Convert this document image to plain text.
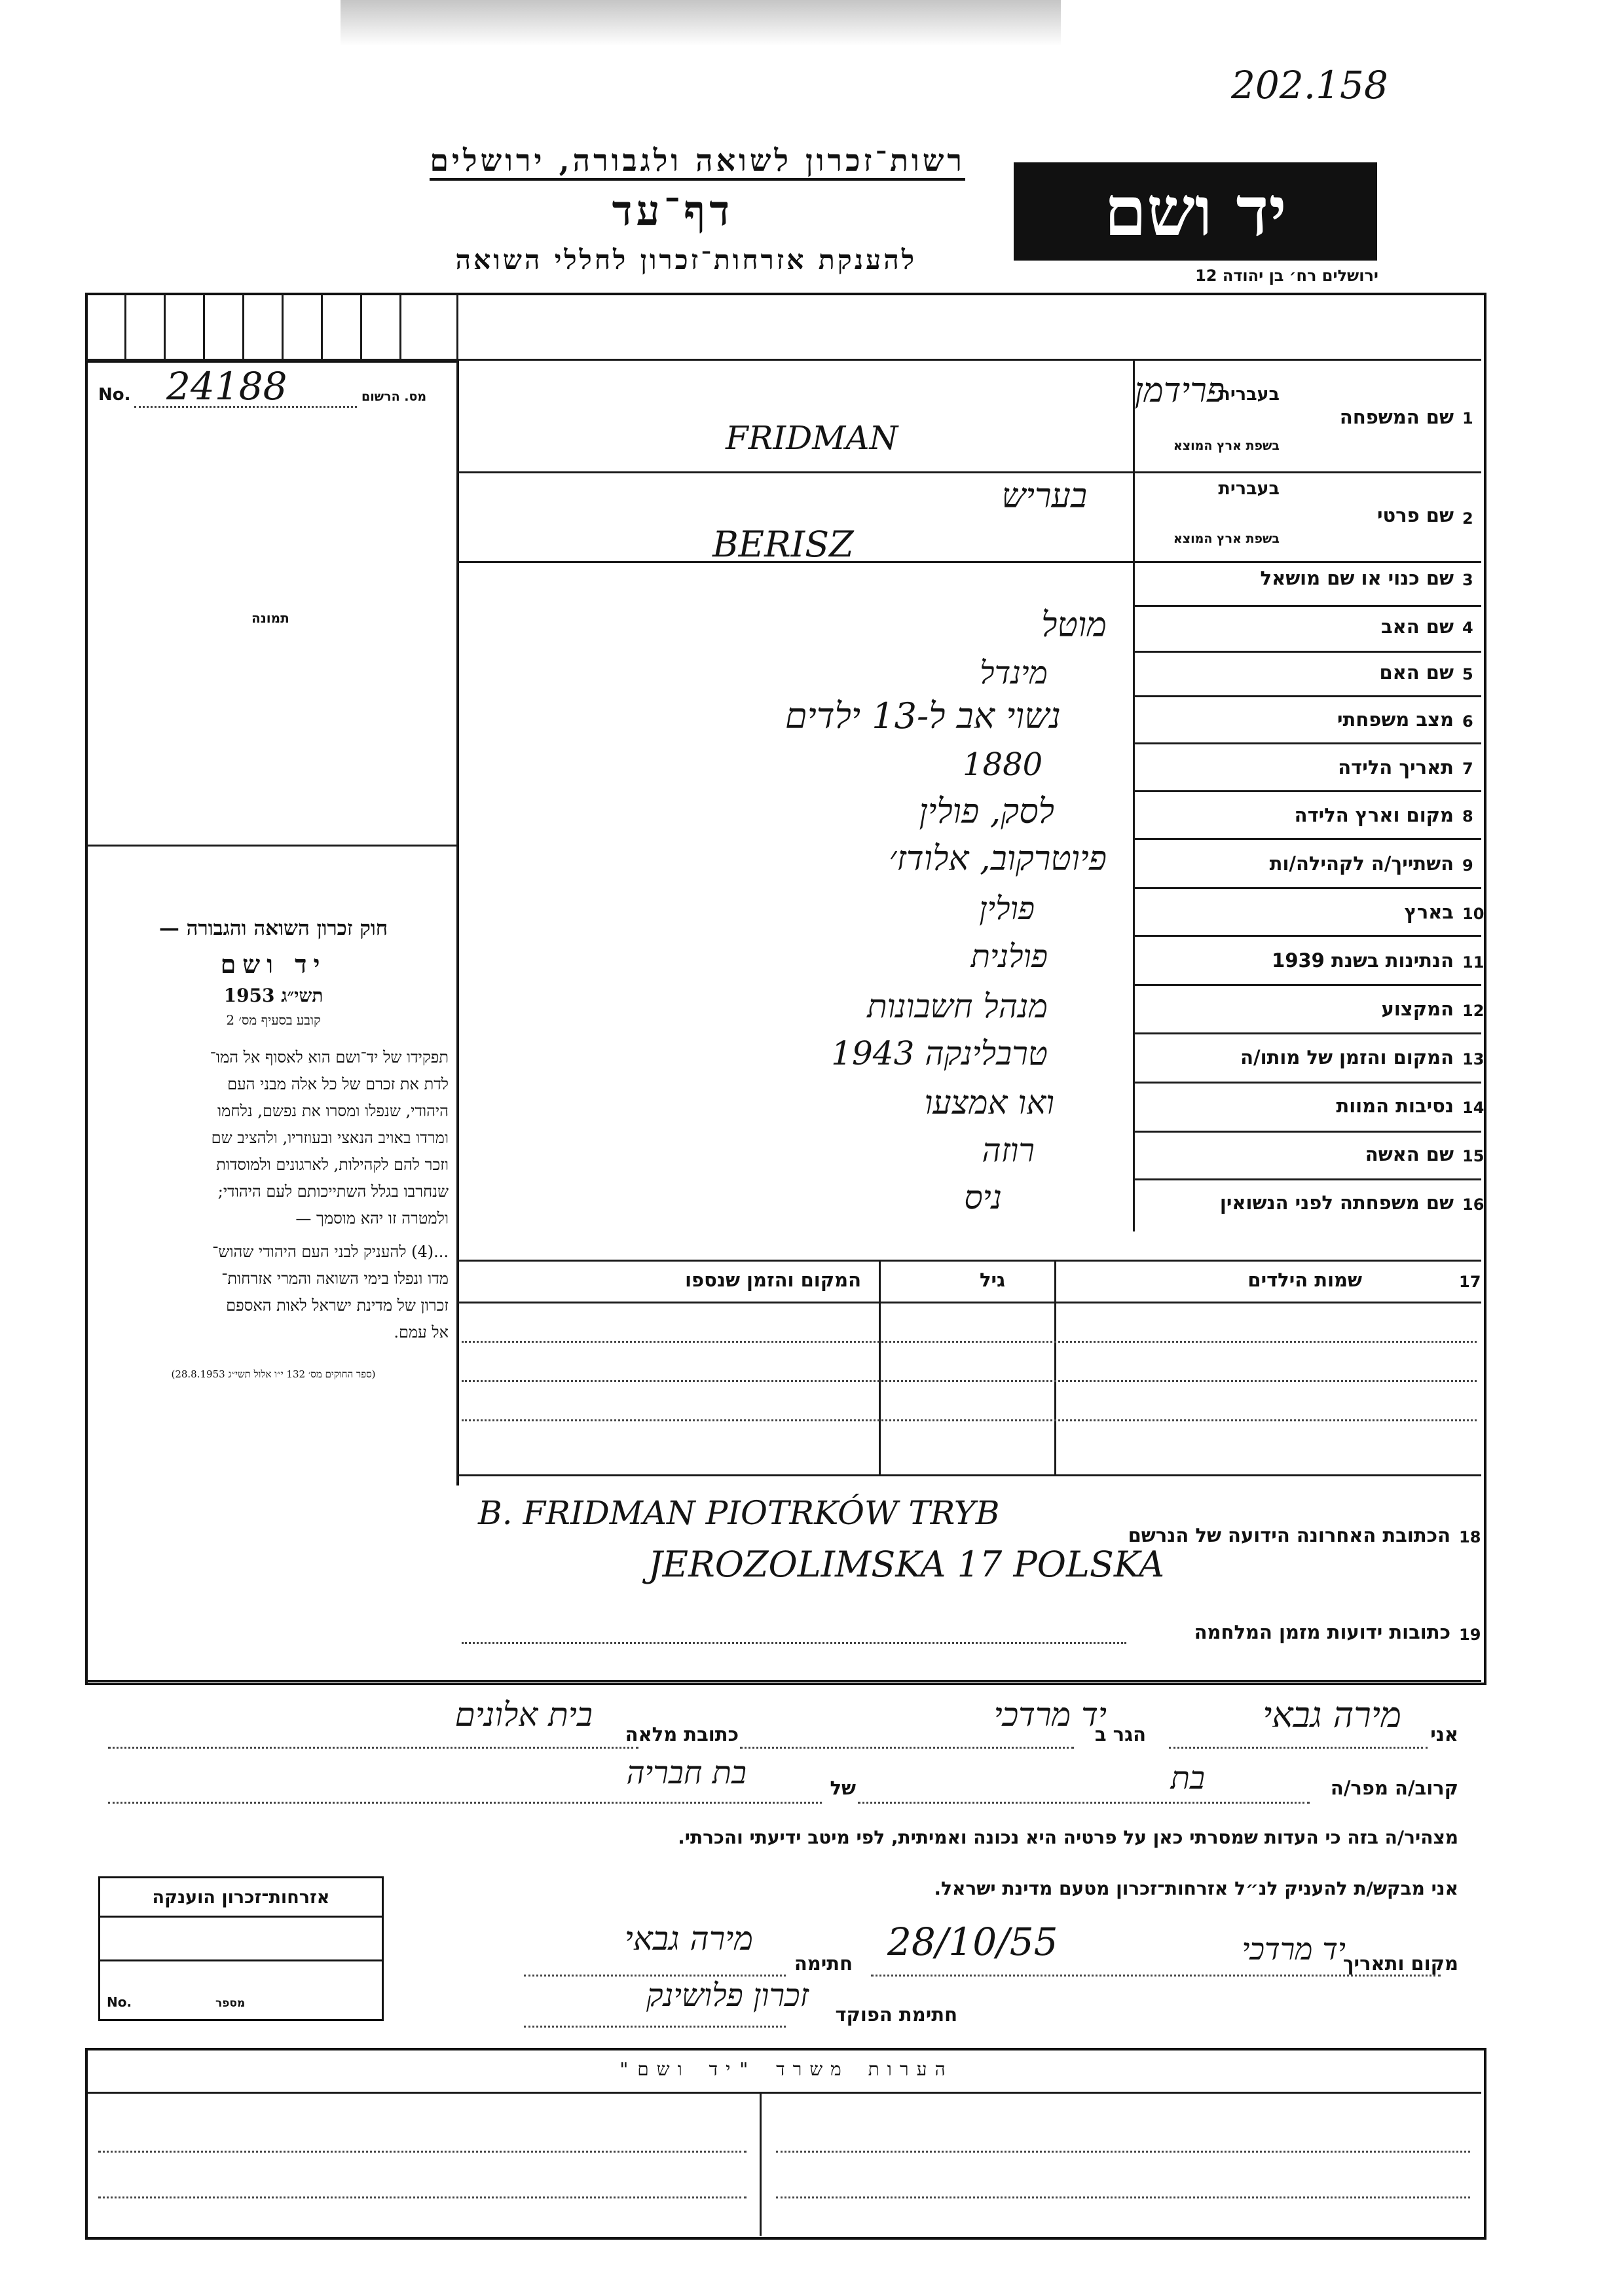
202.158
רשות־זכרון לשואה ולגבורה, ירושלים
דף־עד
להענקת אזרחות־זכרון לחללי השואה
יד ושם
ירושלים רח׳ בן יהודה 12
No. 24188	מס. הרשום
תמונה
חוק זכרון השואה והגבורה —
יד ושם
תשי״ג 1953
קובע בסעיף מס׳ 2
תפקידו של יד־ושם הוא לאסוף אל המו־
לדת את זכרם של כל אלה מבני העם
היהודי, שנפלו ומסרו את נפשם, נלחמו
ומרדו באויב הנאצי ובעוזריו, ולהציב שם
וזכר להם לקהילות, לארגונים ולמוסדות
שנחרבו בגלל השתייכותם לעם היהודי;
ולמטרה זו יהא מוסמך —
...(4) להעניק לבני העם היהודי שהוש־
מדו ונפלו בימי השואה והמרי אזרחות־
זכרון של מדינת ישראל לאות האספם
אל עמם.
(ספר החוקים מס׳ 132 י״ו אלול תשי״ג 28.8.1953)
1
שם המשפחה
בעברית
בשפת ארץ המוצא
פרידמן
FRIDMAN
2
שם פרטי
בעברית
בשפת ארץ המוצא
בעריש
BERISZ
3
שם כנוי או שם מושאל
4
שם האב
מוטל
5
שם האם
מינדל
6
מצב משפחתי
נשוי אב ל-13 ילדים
7
תאריך הלידה
1880
8
מקום וארץ הלידה
לסק, פולין
9
השתייך/ה לקהילה/ות
פיוטרקוב, אלודז׳
10
בארץ
פולין
11
הנתינות בשנת 1939
פולנית
12
המקצוע
מנהל חשבונות
13
המקום והזמן של מותו/ה
טרבלינקה 1943
14
נסיבות המוות
ואו אמצעו
15
שם האשה
רוזה
16
שם משפחתה לפני הנשואין
ניס
17
שמות הילדים
גיל
המקום והזמן שנספו
18
הכתובת האחרונה הידועה של הנרשם
B. FRIDMAN PIOTRKÓW TRYB
JEROZOLIMSKA 17 POLSKA
19
כתובות ידועות מזמן המלחמה
אני
מירה גבאי
הגר ב
יד מרדכי
כתובת מלאה
בית אלונים
קרוב/ה מפר/ה
בת
של
בת חבריה
מצהיר/ה בזה כי העדות שמסרתי כאן על פרטיה היא נכונה ואמיתית, לפי מיטב ידיעתי והכרתי.
אני מבקש/ת להעניק לנ״ל אזרחות־זכרון מטעם מדינת ישראל.
מקום ותאריך
יד מרדכי
28/10/55
חתימה
מירה גבאי
חתימת הפוקד
זכרון פלושינק
אזרחות־זכרון הוענקה
No.	מספר
הערות משרד "יד ושם"
